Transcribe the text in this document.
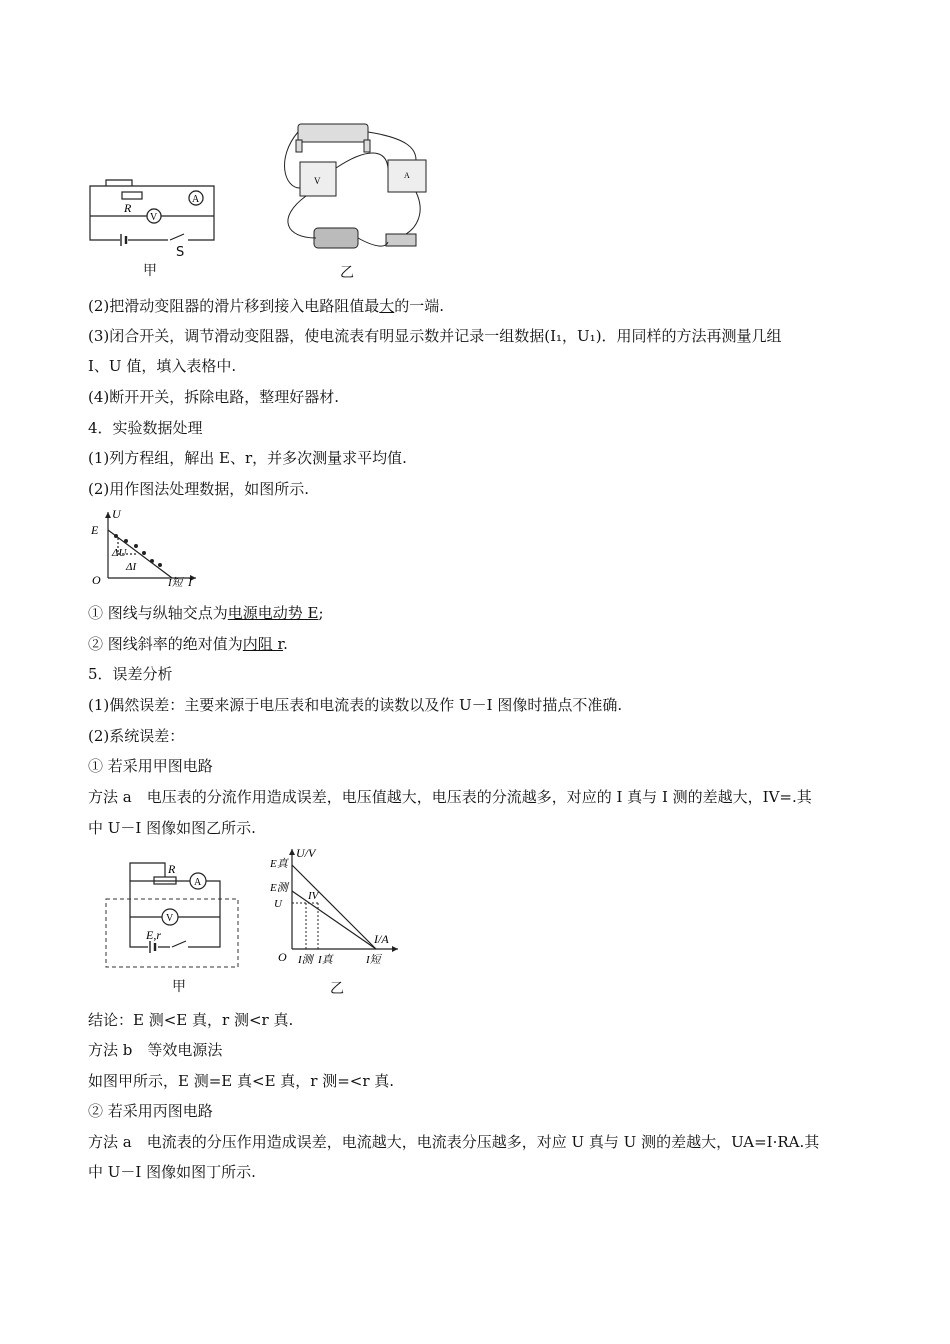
R
A
V
S
甲
V
A
乙
(2)把滑动变阻器的滑片移到接入电路阻值最大的一端.
(3)闭合开关，调节滑动变阻器，使电流表有明显示数并记录一组数据(I₁，U₁)．用同样的方法再测量几组
I、U 值，填入表格中.
(4)断开开关，拆除电路，整理好器材.
4．实验数据处理
(1)列方程组，解出 E、r，并多次测量求平均值.
(2)用作图法处理数据，如图所示.
U
E
ΔU
ΔI
O	I短 I
① 图线与纵轴交点为电源电动势 E;
② 图线斜率的绝对值为内阻 r.
5．误差分析
(1)偶然误差：主要来源于电压表和电流表的读数以及作 U－I 图像时描点不准确.
(2)系统误差：
① 若采用甲图电路
方法 a　电压表的分流作用造成误差，电压值越大，电压表的分流越多，对应的 I 真与 I 测的差越大，IV=.其
中 U－I 图像如图乙所示.
R
A
V
E,r
甲
U/V
E真
E测
U
IV
I/A
O I测 I真	I短
乙
结论：E 测<E 真，r 测<r 真.
方法 b　等效电源法
如图甲所示，E 测=E 真<E 真，r 测=<r 真.
② 若采用丙图电路
方法 a　电流表的分压作用造成误差，电流越大，电流表分压越多，对应 U 真与 U 测的差越大，UA=I·RA.其
中 U－I 图像如图丁所示.
